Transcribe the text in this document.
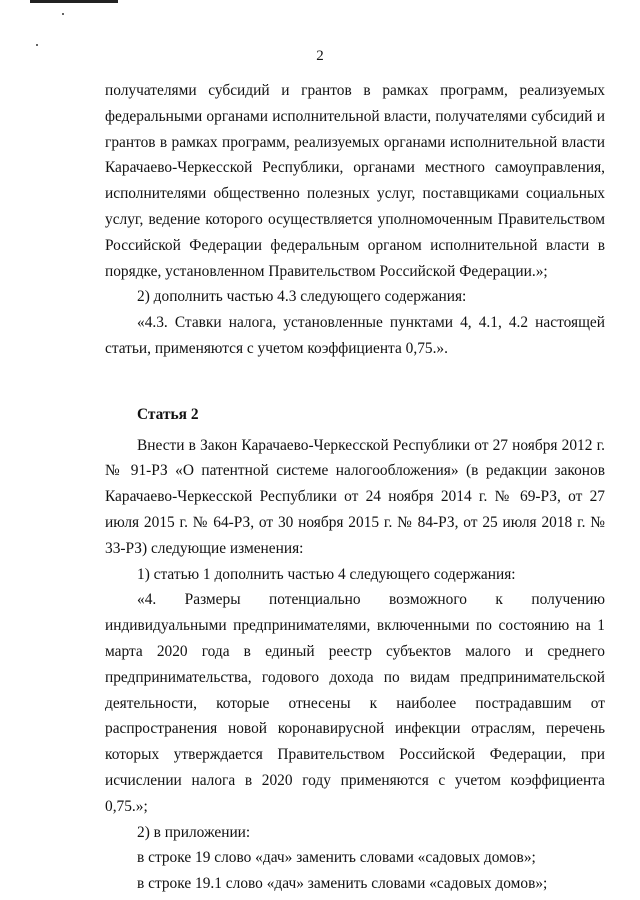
2

получателями субсидий и грантов в рамках программ, реализуемых федеральными органами исполнительной власти, получателями субсидий и грантов в рамках программ, реализуемых органами исполнительной власти Карачаево-Черкесской Республики, органами местного самоуправления, исполнителями общественно полезных услуг, поставщиками социальных услуг, ведение которого осуществляется уполномоченным Правительством Российской Федерации федеральным органом исполнительной власти в порядке, установленном Правительством Российской Федерации.»;

2) дополнить частью 4.3 следующего содержания:

«4.3. Ставки налога, установленные пунктами 4, 4.1, 4.2 настоящей статьи, применяются с учетом коэффициента 0,75.».

Статья 2

Внести в Закон Карачаево-Черкесской Республики от 27 ноября 2012 г. № 91-РЗ «О патентной системе налогообложения» (в редакции законов Карачаево-Черкесской Республики от 24 ноября 2014 г. № 69-РЗ, от 27 июля 2015 г. № 64-РЗ, от 30 ноября 2015 г. № 84-РЗ, от 25 июля 2018 г. № 33-РЗ) следующие изменения:

1) статью 1 дополнить частью 4 следующего содержания:

«4. Размеры потенциально возможного к получению индивидуальными предпринимателями, включенными по состоянию на 1 марта 2020 года в единый реестр субъектов малого и среднего предпринимательства, годового дохода по видам предпринимательской деятельности, которые отнесены к наиболее пострадавшим от распространения новой коронавирусной инфекции отраслям, перечень которых утверждается Правительством Российской Федерации, при исчислении налога в 2020 году применяются с учетом коэффициента 0,75.»;

2) в приложении:

в строке 19 слово «дач» заменить словами «садовых домов»;

в строке 19.1 слово «дач» заменить словами «садовых домов»;
